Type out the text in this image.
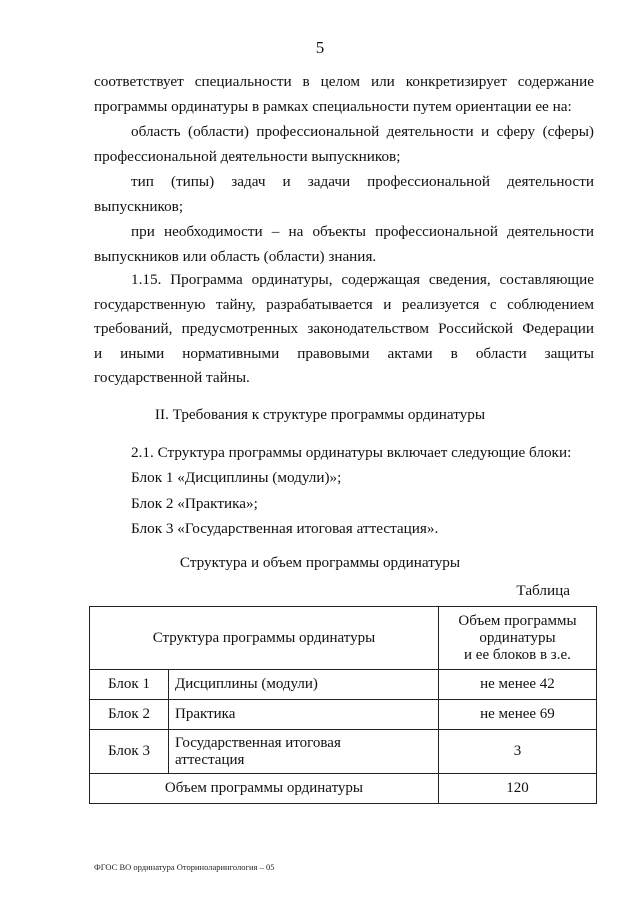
5
соответствует специальности в целом или конкретизирует содержание
программы ординатуры в рамках специальности путем ориентации ее на:
область (области) профессиональной деятельности и сферу (сферы)
профессиональной деятельности выпускников;
тип (типы) задач и задачи профессиональной деятельности
выпускников;
при необходимости – на объекты профессиональной деятельности
выпускников или область (области) знания.
1.15. Программа ординатуры, содержащая сведения, составляющие
государственную тайну, разрабатывается и реализуется с соблюдением
требований, предусмотренных законодательством Российской Федерации
и иными нормативными правовыми актами в области защиты
государственной тайны.
II. Требования к структуре программы ординатуры
2.1. Структура программы ординатуры включает следующие блоки:
Блок 1 «Дисциплины (модули)»;
Блок 2 «Практика»;
Блок 3 «Государственная итоговая аттестация».
Структура и объем программы ординатуры
Таблица
Структура программы ординатуры		Объем программы
ординатуры
и ее блоков в з.е.

Блок 1	Дисциплины (модули)	не менее 42
Блок 2	Практика	не менее 69
Блок 3	Государственная итоговая
аттестация	3
Объем программы ординатуры		120
ФГОС ВО ординатура Оториноларингология – 05
